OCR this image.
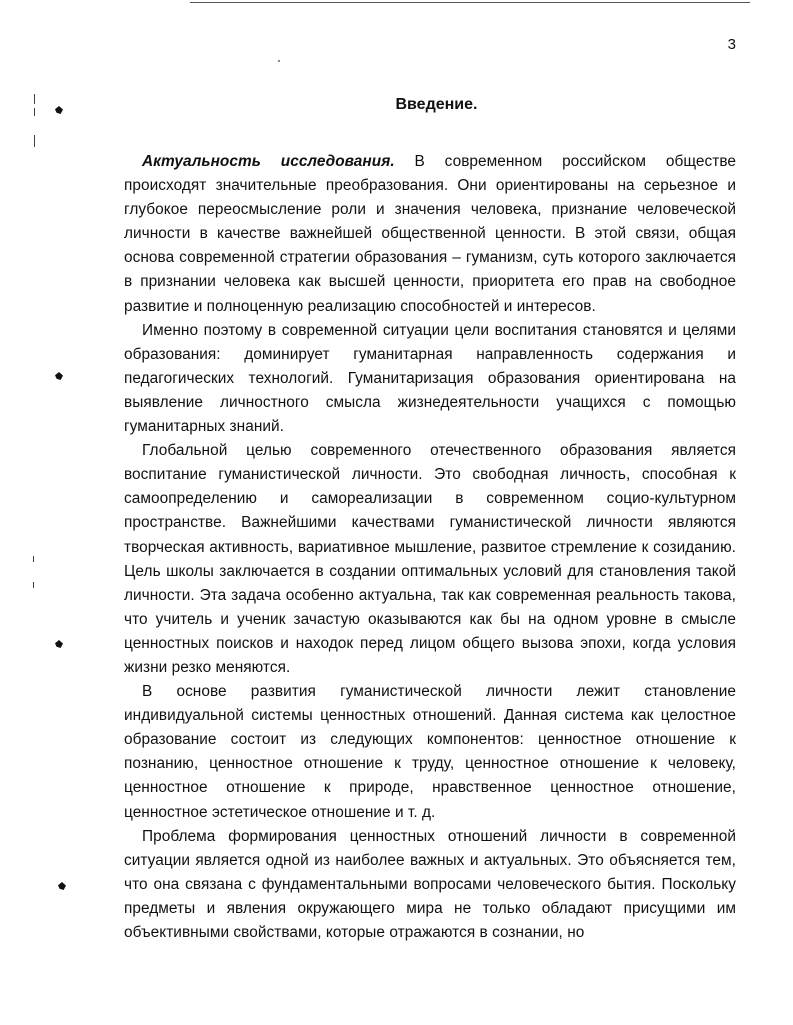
3
Введение.

Актуальность исследования. В современном российском обществе происходят значительные преобразования. Они ориентированы на серьезное и глубокое переосмысление роли и значения человека, признание человеческой личности в качестве важнейшей общественной ценности. В этой связи, общая основа современной стратегии образования – гуманизм, суть которого заключается в признании человека как высшей ценности, приоритета его прав на свободное развитие и полноценную реализацию способностей и интересов.

Именно поэтому в современной ситуации цели воспитания становятся и целями образования: доминирует гуманитарная направленность содержания и педагогических технологий. Гуманитаризация образования ориентирована на выявление личностного смысла жизнедеятельности учащихся с помощью гуманитарных знаний.

Глобальной целью современного отечественного образования является воспитание гуманистической личности. Это свободная личность, способная к самоопределению и самореализации в современном социо-культурном пространстве. Важнейшими качествами гуманистической личности являются творческая активность, вариативное мышление, развитое стремление к созиданию. Цель школы заключается в создании оптимальных условий для становления такой личности. Эта задача особенно актуальна, так как современная реальность такова, что учитель и ученик зачастую оказываются как бы на одном уровне в смысле ценностных поисков и находок перед лицом общего вызова эпохи, когда условия жизни резко меняются.

В основе развития гуманистической личности лежит становление индивидуальной системы ценностных отношений. Данная система как целостное образование состоит из следующих компонентов: ценностное отношение к познанию, ценностное отношение к труду, ценностное отношение к человеку, ценностное отношение к природе, нравственное ценностное отношение, ценностное эстетическое отношение и т. д.

Проблема формирования ценностных отношений личности в современной ситуации является одной из наиболее важных и актуальных. Это объясняется тем, что она связана с фундаментальными вопросами человеческого бытия. Поскольку предметы и явления окружающего мира не только обладают присущими им объективными свойствами, которые отражаются в сознании, но
